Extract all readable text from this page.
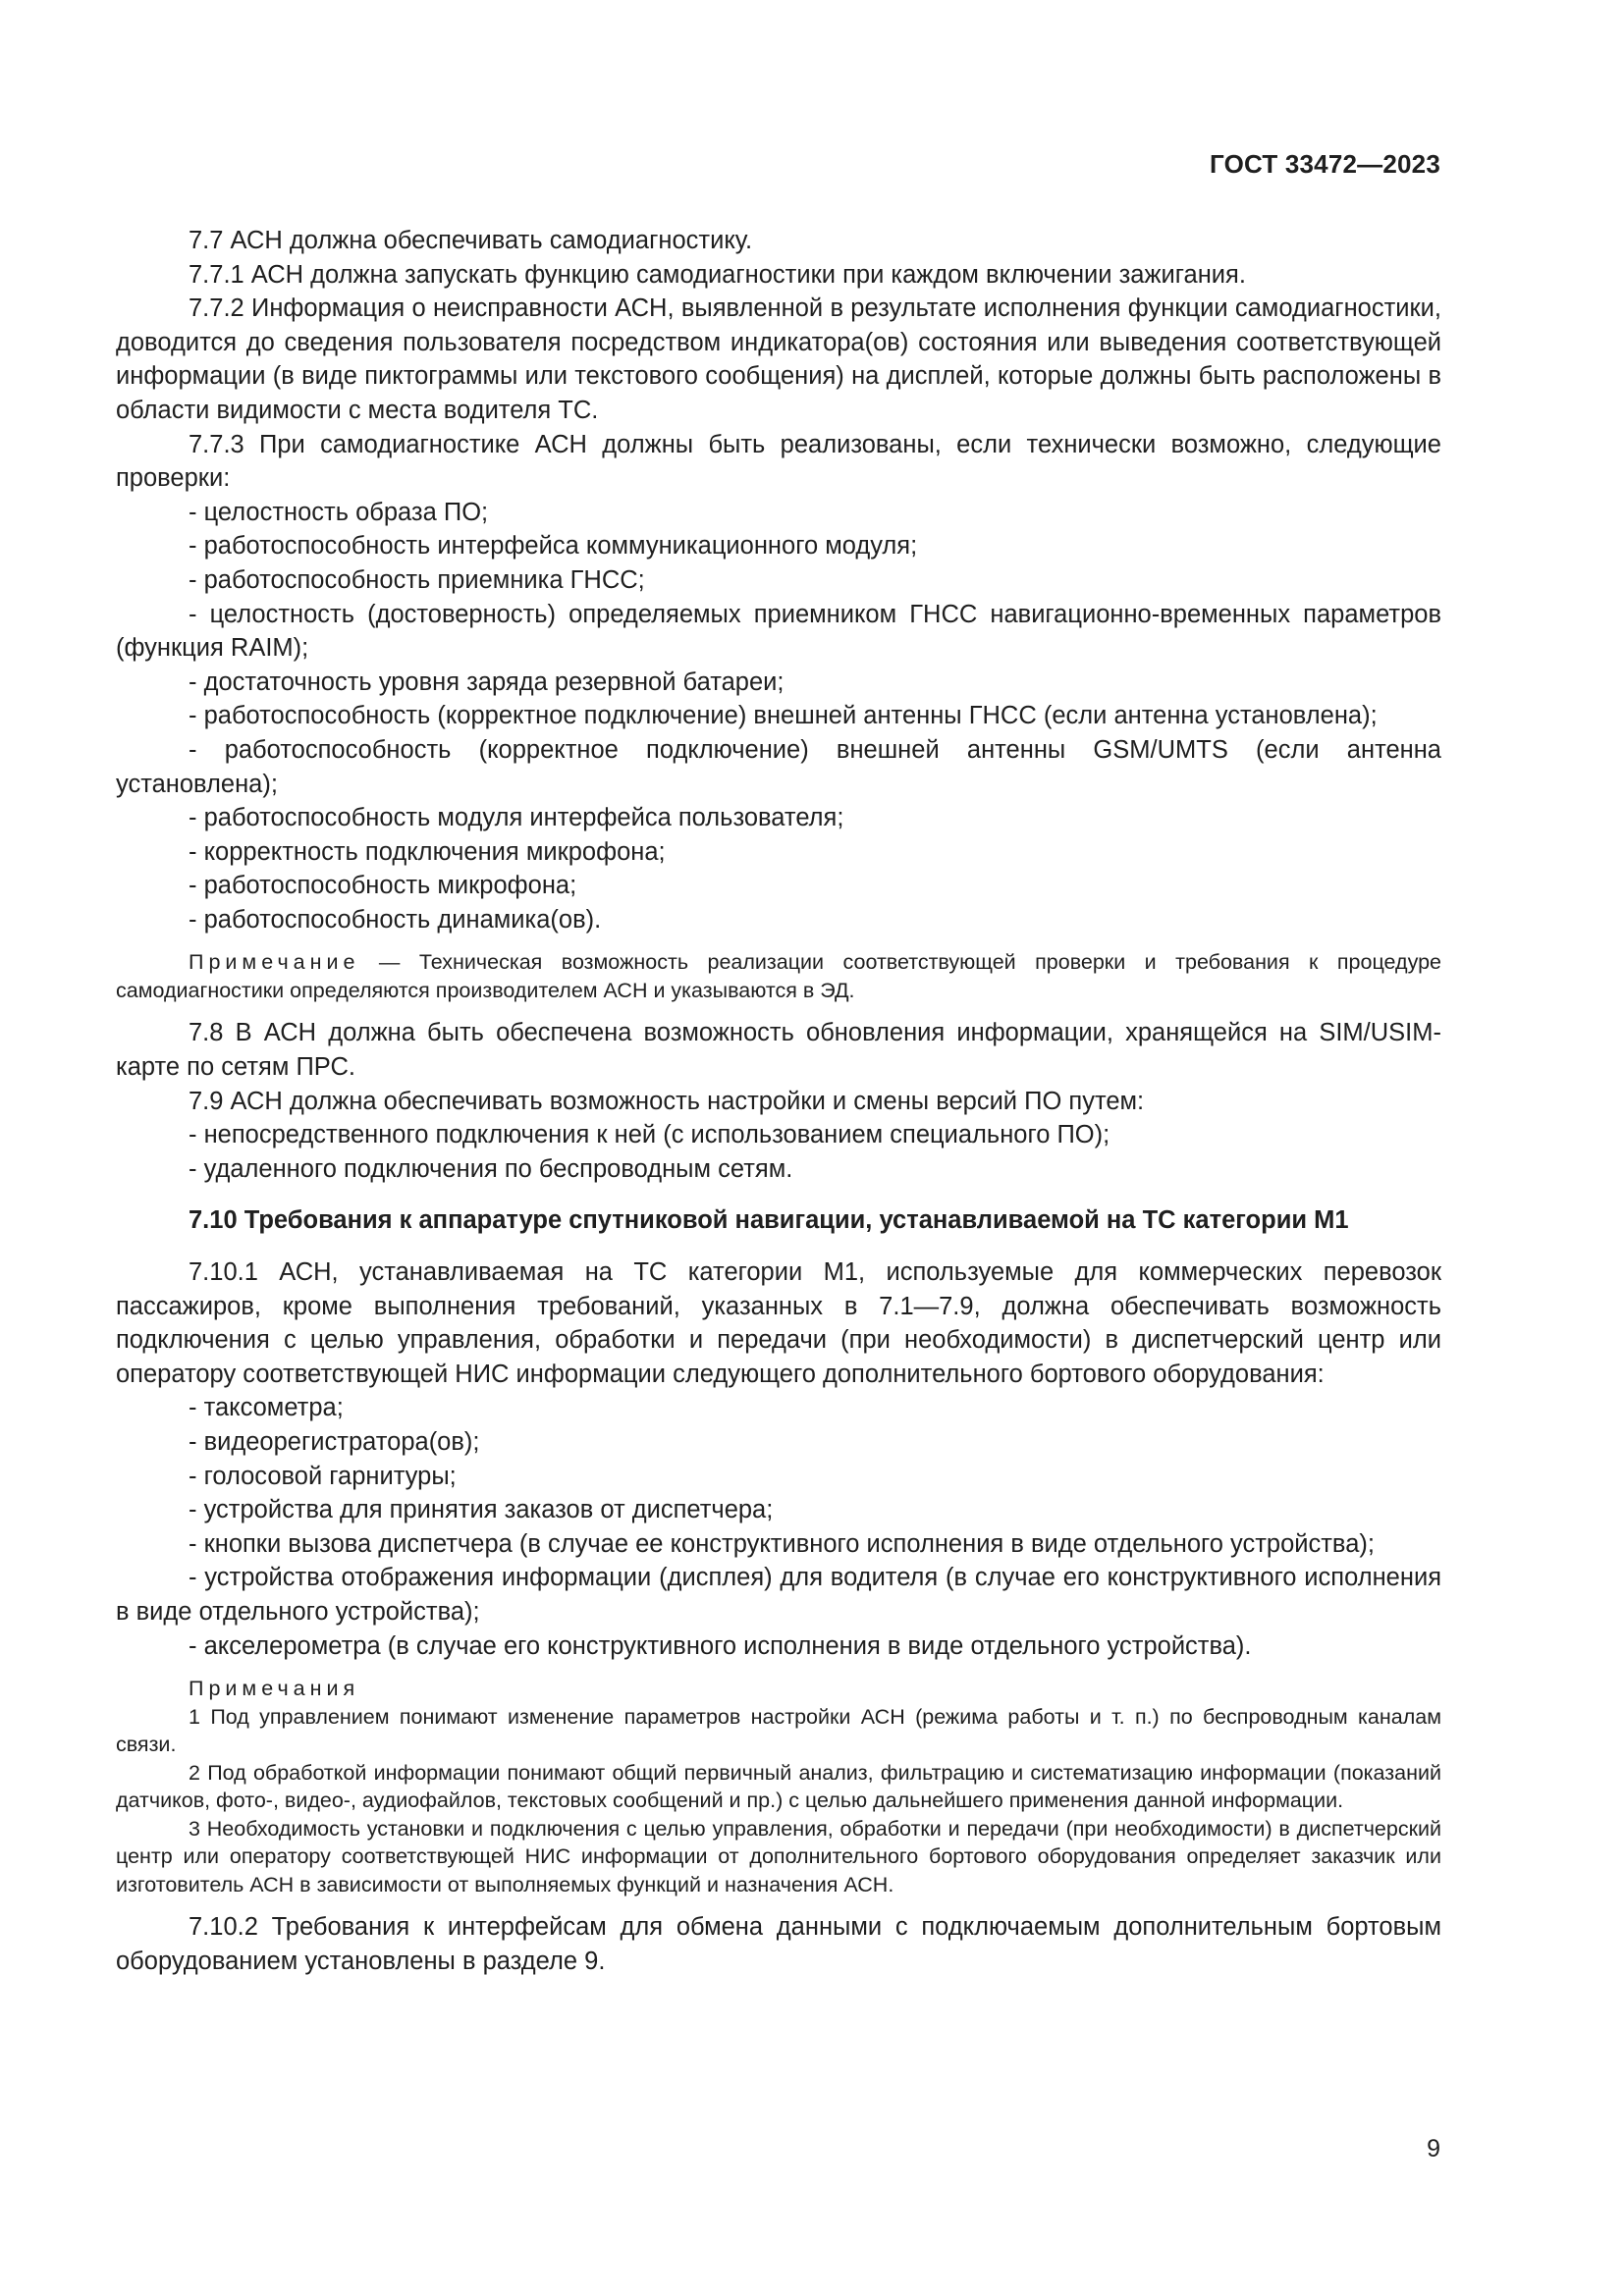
ГОСТ 33472—2023

7.7 АСН должна обеспечивать самодиагностику.

7.7.1 АСН должна запускать функцию самодиагностики при каждом включении зажигания.

7.7.2 Информация о неисправности АСН, выявленной в результате исполнения функции самодиагностики, доводится до сведения пользователя посредством индикатора(ов) состояния или выведения соответствующей информации (в виде пиктограммы или текстового сообщения) на дисплей, которые должны быть расположены в области видимости с места водителя ТС.

7.7.3 При самодиагностике АСН должны быть реализованы, если технически возможно, следующие проверки:

- целостность образа ПО;

- работоспособность интерфейса коммуникационного модуля;

- работоспособность приемника ГНСС;

- целостность (достоверность) определяемых приемником ГНСС навигационно-временных параметров (функция RAIM);

- достаточность уровня заряда резервной батареи;

- работоспособность (корректное подключение) внешней антенны ГНСС (если антенна установлена);

- работоспособность (корректное подключение) внешней антенны GSM/UMTS (если антенна установлена);

- работоспособность модуля интерфейса пользователя;

- корректность подключения микрофона;

- работоспособность микрофона;

- работоспособность динамика(ов).

Примечание — Техническая возможность реализации соответствующей проверки и требования к процедуре самодиагностики определяются производителем АСН и указываются в ЭД.

7.8 В АСН должна быть обеспечена возможность обновления информации, хранящейся на SIM/USIM-карте по сетям ПРС.

7.9 АСН должна обеспечивать возможность настройки и смены версий ПО путем:

- непосредственного подключения к ней (с использованием специального ПО);

- удаленного подключения по беспроводным сетям.

7.10 Требования к аппаратуре спутниковой навигации, устанавливаемой на ТС категории М1

7.10.1 АСН, устанавливаемая на ТС категории М1, используемые для коммерческих перевозок пассажиров, кроме выполнения требований, указанных в 7.1—7.9, должна обеспечивать возможность подключения с целью управления, обработки и передачи (при необходимости) в диспетчерский центр или оператору соответствующей НИС информации следующего дополнительного бортового оборудования:

- таксометра;

- видеорегистратора(ов);

- голосовой гарнитуры;

- устройства для принятия заказов от диспетчера;

- кнопки вызова диспетчера (в случае ее конструктивного исполнения в виде отдельного устройства);

- устройства отображения информации (дисплея) для водителя (в случае его конструктивного исполнения в виде отдельного устройства);

- акселерометра (в случае его конструктивного исполнения в виде отдельного устройства).

Примечания

1 Под управлением понимают изменение параметров настройки АСН (режима работы и т. п.) по беспроводным каналам связи.

2 Под обработкой информации понимают общий первичный анализ, фильтрацию и систематизацию информации (показаний датчиков, фото-, видео-, аудиофайлов, текстовых сообщений и пр.) с целью дальнейшего применения данной информации.

3 Необходимость установки и подключения с целью управления, обработки и передачи (при необходимости) в диспетчерский центр или оператору соответствующей НИС информации от дополнительного бортового оборудования определяет заказчик или изготовитель АСН в зависимости от выполняемых функций и назначения АСН.

7.10.2 Требования к интерфейсам для обмена данными с подключаемым дополнительным бортовым оборудованием установлены в разделе 9.

9
